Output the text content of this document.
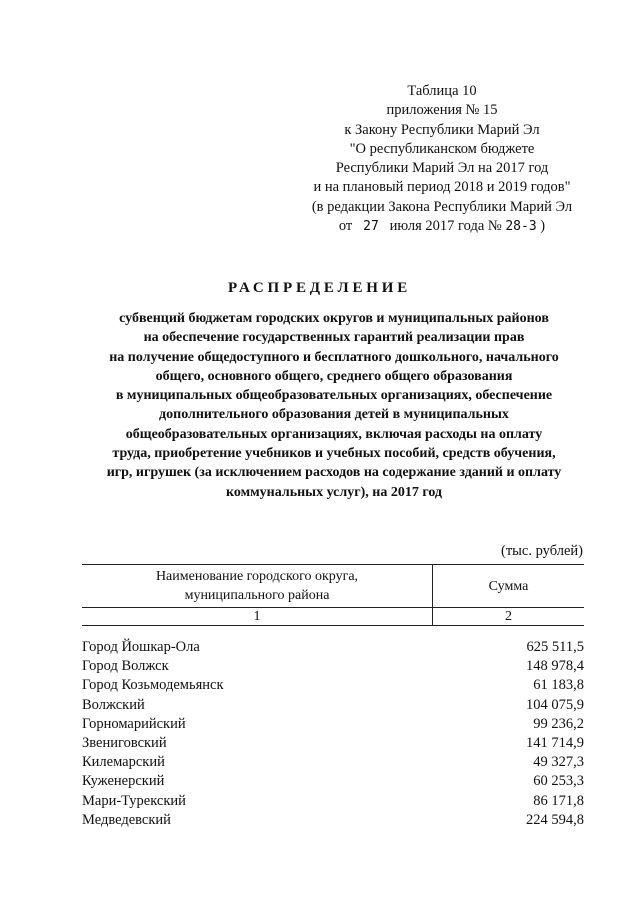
Таблица 10
приложения № 15
к Закону Республики Марий Эл
"О республиканском бюджете
Республики Марий Эл на 2017 год
и на плановый период 2018 и 2019 годов"
(в редакции Закона Республики Марий Эл
от 27 июля 2017 года № 28-З )
РАСПРЕДЕЛЕНИЕ
субвенций бюджетам городских округов и муниципальных районов
на обеспечение государственных гарантий реализации прав
на получение общедоступного и бесплатного дошкольного, начального
общего, основного общего, среднего общего образования
в муниципальных общеобразовательных организациях, обеспечение
дополнительного образования детей в муниципальных
общеобразовательных организациях, включая расходы на оплату
труда, приобретение учебников и учебных пособий, средств обучения,
игр, игрушек (за исключением расходов на содержание зданий и оплату
коммунальных услуг), на 2017 год
(тыс. рублей)
Наименование городского округа,
муниципального района
Сумма
1	2
Город Йошкар-Ола	625 511,5
Город Волжск	148 978,4
Город Козьмодемьянск	61 183,8
Волжский	104 075,9
Горномарийский	99 236,2
Звениговский	141 714,9
Килемарский	49 327,3
Куженерский	60 253,3
Мари-Турекский	86 171,8
Медведевский	224 594,8
